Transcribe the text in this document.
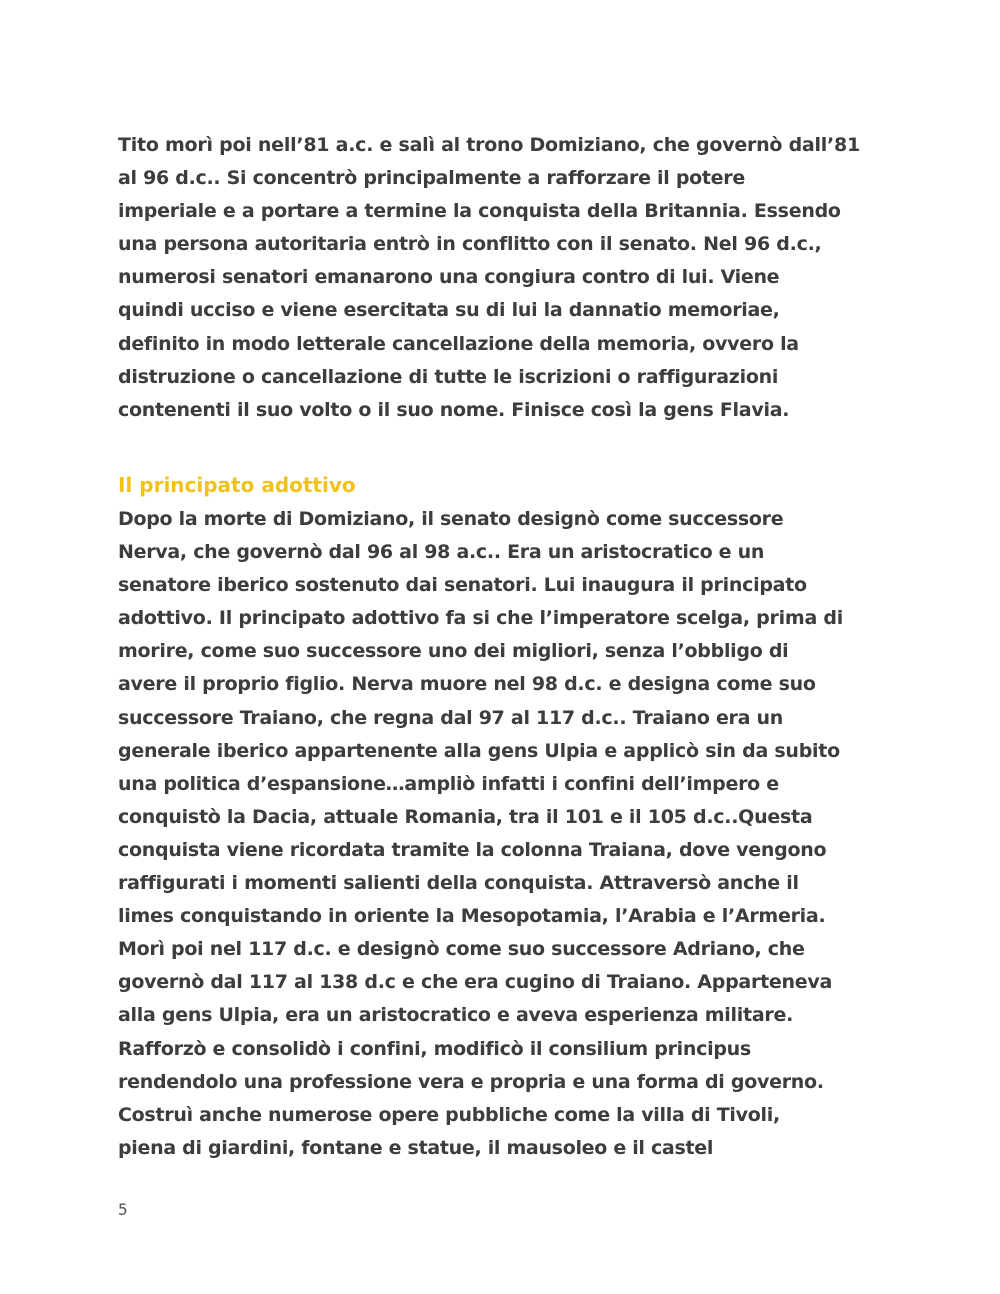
Tito morì poi nell’81 a.c. e salì al trono Domiziano, che governò dall’81
al 96 d.c.. Si concentrò principalmente a rafforzare il potere
imperiale e a portare a termine la conquista della Britannia. Essendo
una persona autoritaria entrò in conflitto con il senato. Nel 96 d.c.,
numerosi senatori emanarono una congiura contro di lui. Viene
quindi ucciso e viene esercitata su di lui la dannatio memoriae,
definito in modo letterale cancellazione della memoria, ovvero la
distruzione o cancellazione di tutte le iscrizioni o raffigurazioni
contenenti il suo volto o il suo nome. Finisce così la gens Flavia.
Il principato adottivo
Dopo la morte di Domiziano, il senato designò come successore
Nerva, che governò dal 96 al 98 a.c.. Era un aristocratico e un
senatore iberico sostenuto dai senatori. Lui inaugura il principato
adottivo. Il principato adottivo fa si che l’imperatore scelga, prima di
morire, come suo successore uno dei migliori, senza l’obbligo di
avere il proprio figlio. Nerva muore nel 98 d.c. e designa come suo
successore Traiano, che regna dal 97 al 117 d.c.. Traiano era un
generale iberico appartenente alla gens Ulpia e applicò sin da subito
una politica d’espansione…ampliò infatti i confini dell’impero e
conquistò la Dacia, attuale Romania, tra il 101 e il 105 d.c..Questa
conquista viene ricordata tramite la colonna Traiana, dove vengono
raffigurati i momenti salienti della conquista. Attraversò anche il
limes conquistando in oriente la Mesopotamia, l’Arabia e l’Armeria.
Morì poi nel 117 d.c. e designò come suo successore Adriano, che
governò dal 117 al 138 d.c e che era cugino di Traiano. Apparteneva
alla gens Ulpia, era un aristocratico e aveva esperienza militare.
Rafforzò e consolidò i confini, modificò il consilium principus
rendendolo una professione vera e propria e una forma di governo.
Costruì anche numerose opere pubbliche come la villa di Tivoli,
piena di giardini, fontane e statue, il mausoleo e il castel
5
